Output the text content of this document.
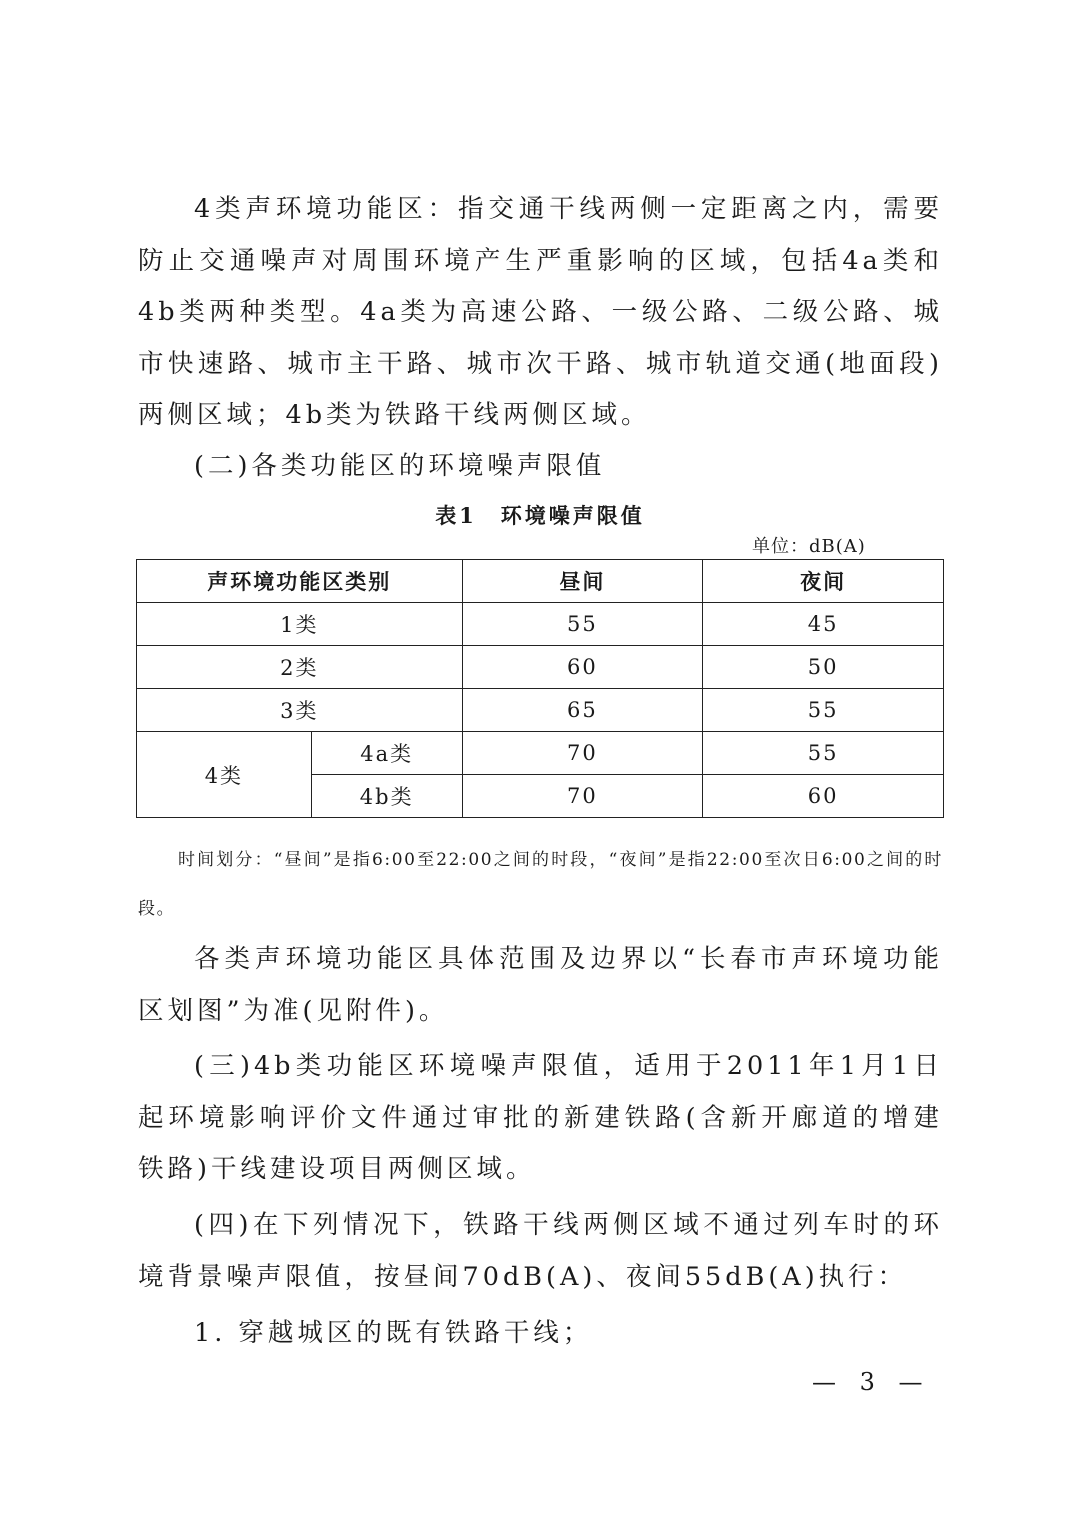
4类声环境功能区：指交通干线两侧一定距离之内，需要防止交通噪声对周围环境产生严重影响的区域，包括4a类和4b类两种类型。4a类为高速公路、一级公路、二级公路、城市快速路、城市主干路、城市次干路、城市轨道交通(地面段)两侧区域；4b类为铁路干线两侧区域。
(二)各类功能区的环境噪声限值
表1　环境噪声限值
单位：dB(A)
声环境功能区类别		昼间	夜间
1类		55	45
2类		60	50
3类		65	55
4类	4a类	70	55
	4b类	70	60
时间划分：“昼间”是指6:00至22:00之间的时段，“夜间”是指22:00至次日6:00之间的时段。
各类声环境功能区具体范围及边界以“长春市声环境功能区划图”为准(见附件)。
(三)4b类功能区环境噪声限值，适用于2011年1月1日起环境影响评价文件通过审批的新建铁路(含新开廊道的增建铁路)干线建设项目两侧区域。
(四)在下列情况下，铁路干线两侧区域不通过列车时的环境背景噪声限值，按昼间70dB(A)、夜间55dB(A)执行：
1. 穿越城区的既有铁路干线；
— 3 —
